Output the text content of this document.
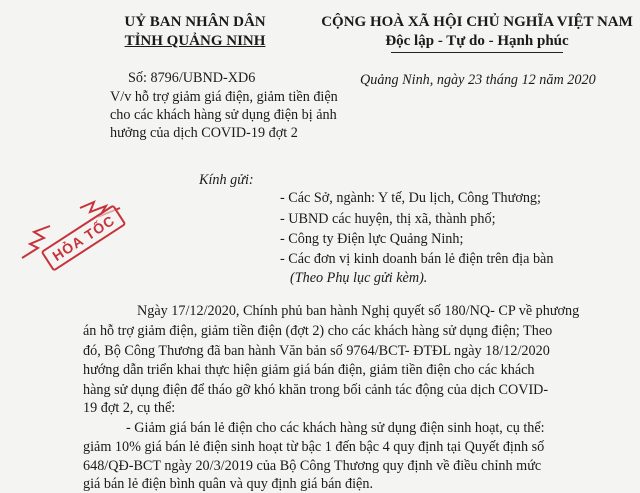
UỶ BAN NHÂN DÂN
TỈNH QUẢNG NINH
CỘNG HOÀ XÃ HỘI CHỦ NGHĨA VIỆT NAM
Độc lập - Tự do - Hạnh phúc
Số: 8796/UBND-XD6	Quảng Ninh, ngày 23 tháng 12 năm 2020
V/v hỗ trợ giảm giá điện, giảm tiền điện
cho các khách hàng sử dụng điện bị ảnh
hưởng của dịch COVID-19 đợt 2
HỎA TỐC
Kính gửi:
- Các Sở, ngành: Y tế, Du lịch, Công Thương;
- UBND các huyện, thị xã, thành phố;
- Công ty Điện lực Quảng Ninh;
- Các đơn vị kinh doanh bán lẻ điện trên địa bàn
(Theo Phụ lục gửi kèm).
Ngày 17/12/2020, Chính phủ ban hành Nghị quyết số 180/NQ- CP về phương
án hỗ trợ giảm điện, giảm tiền điện (đợt 2) cho các khách hàng sử dụng điện; Theo
đó, Bộ Công Thương đã ban hành Văn bản số 9764/BCT- ĐTĐL ngày 18/12/2020
hướng dẫn triển khai thực hiện giảm giá bán điện, giảm tiền điện cho các khách
hàng sử dụng điện để tháo gỡ khó khăn trong bối cảnh tác động của dịch COVID-
19 đợt 2, cụ thể:
- Giảm giá bán lẻ điện cho các khách hàng sử dụng điện sinh hoạt, cụ thể:
giảm 10% giá bán lẻ điện sinh hoạt từ bậc 1 đến bậc 4 quy định tại Quyết định số
648/QĐ-BCT ngày 20/3/2019 của Bộ Công Thương quy định về điều chỉnh mức
giá bán lẻ điện bình quân và quy định giá bán điện.
